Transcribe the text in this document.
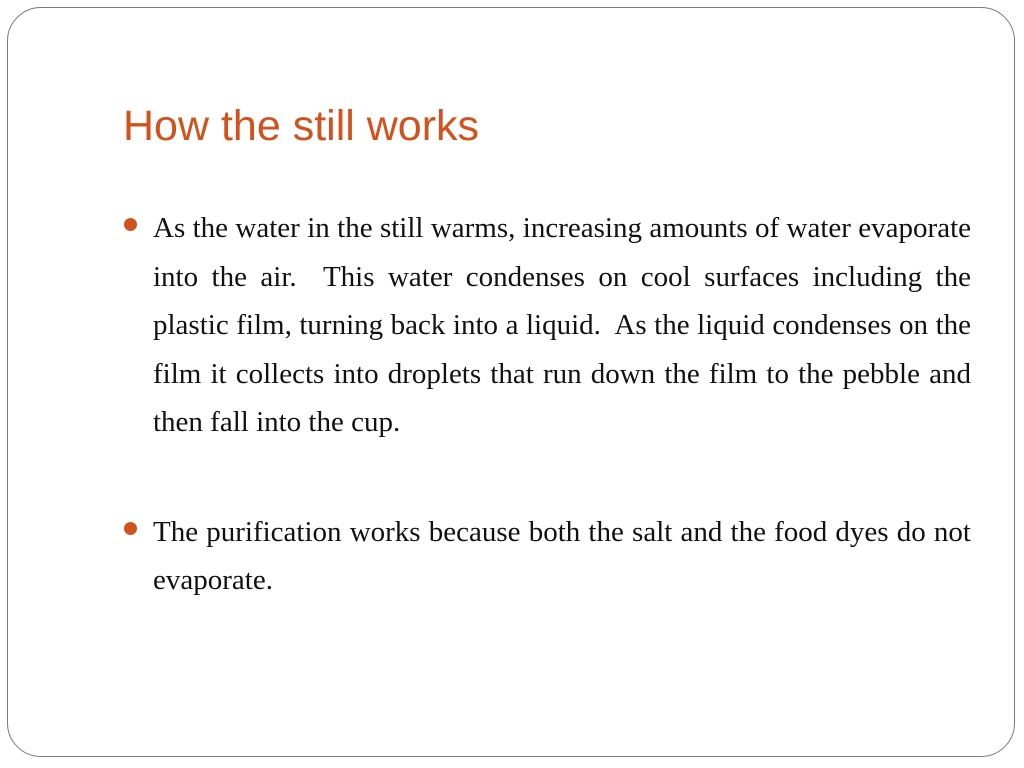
How the still works
As the water in the still warms, increasing amounts of water evaporate into the air.  This water condenses on cool surfaces including the plastic film, turning back into a liquid.  As the liquid condenses on the film it collects into droplets that run down the film to the pebble and then fall into the cup.
The purification works because both the salt and the food dyes do not evaporate.
